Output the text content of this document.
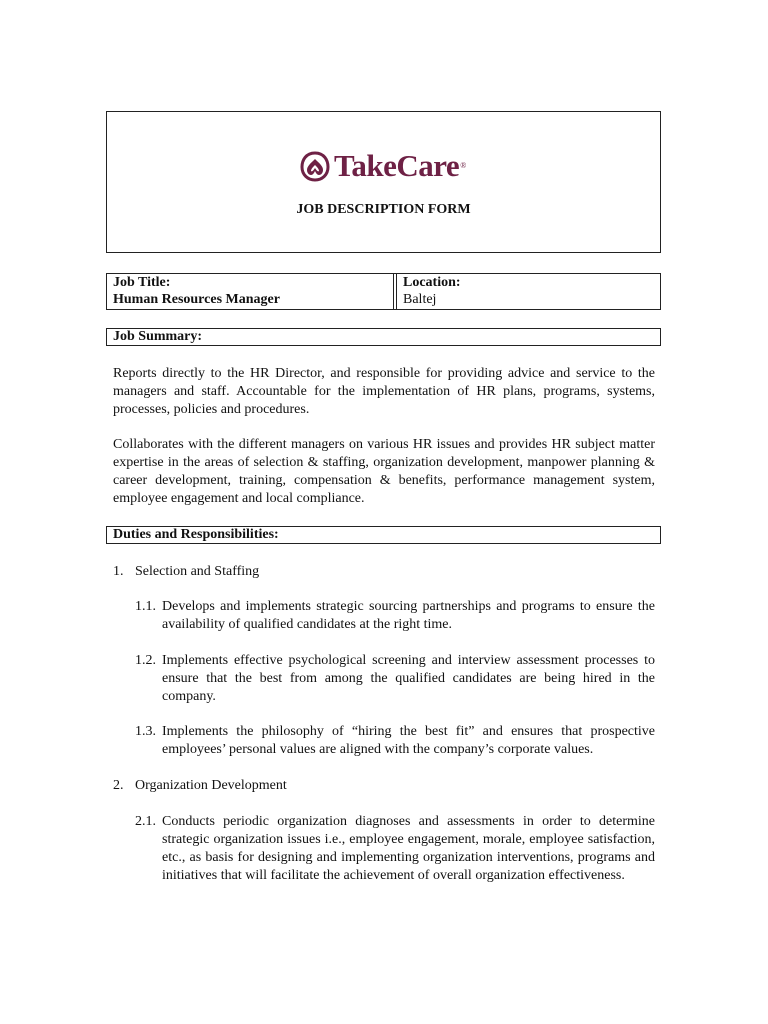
TakeCare ®
JOB DESCRIPTION FORM
Job Title:
Human Resources Manager
Location:
Baltej
Job Summary:

Reports directly to the HR Director, and responsible for providing advice and service to the managers and staff. Accountable for the implementation of HR plans, programs, systems, processes, policies and procedures.

Collaborates with the different managers on various HR issues and provides HR subject matter expertise in the areas of selection & staffing, organization development, manpower planning & career development, training, compensation & benefits, performance management system, employee engagement and local compliance.

Duties and Responsibilities:
1. Selection and Staffing
1.1. Develops and implements strategic sourcing partnerships and programs to ensure the availability of qualified candidates at the right time.
1.2. Implements effective psychological screening and interview assessment processes to ensure that the best from among the qualified candidates are being hired in the company.
1.3. Implements the philosophy of “hiring the best fit” and ensures that prospective employees’ personal values are aligned with the company’s corporate values.
2. Organization Development
2.1. Conducts periodic organization diagnoses and assessments in order to determine strategic organization issues i.e., employee engagement, morale, employee satisfaction, etc., as basis for designing and implementing organization interventions, programs and initiatives that will facilitate the achievement of overall organization effectiveness.
